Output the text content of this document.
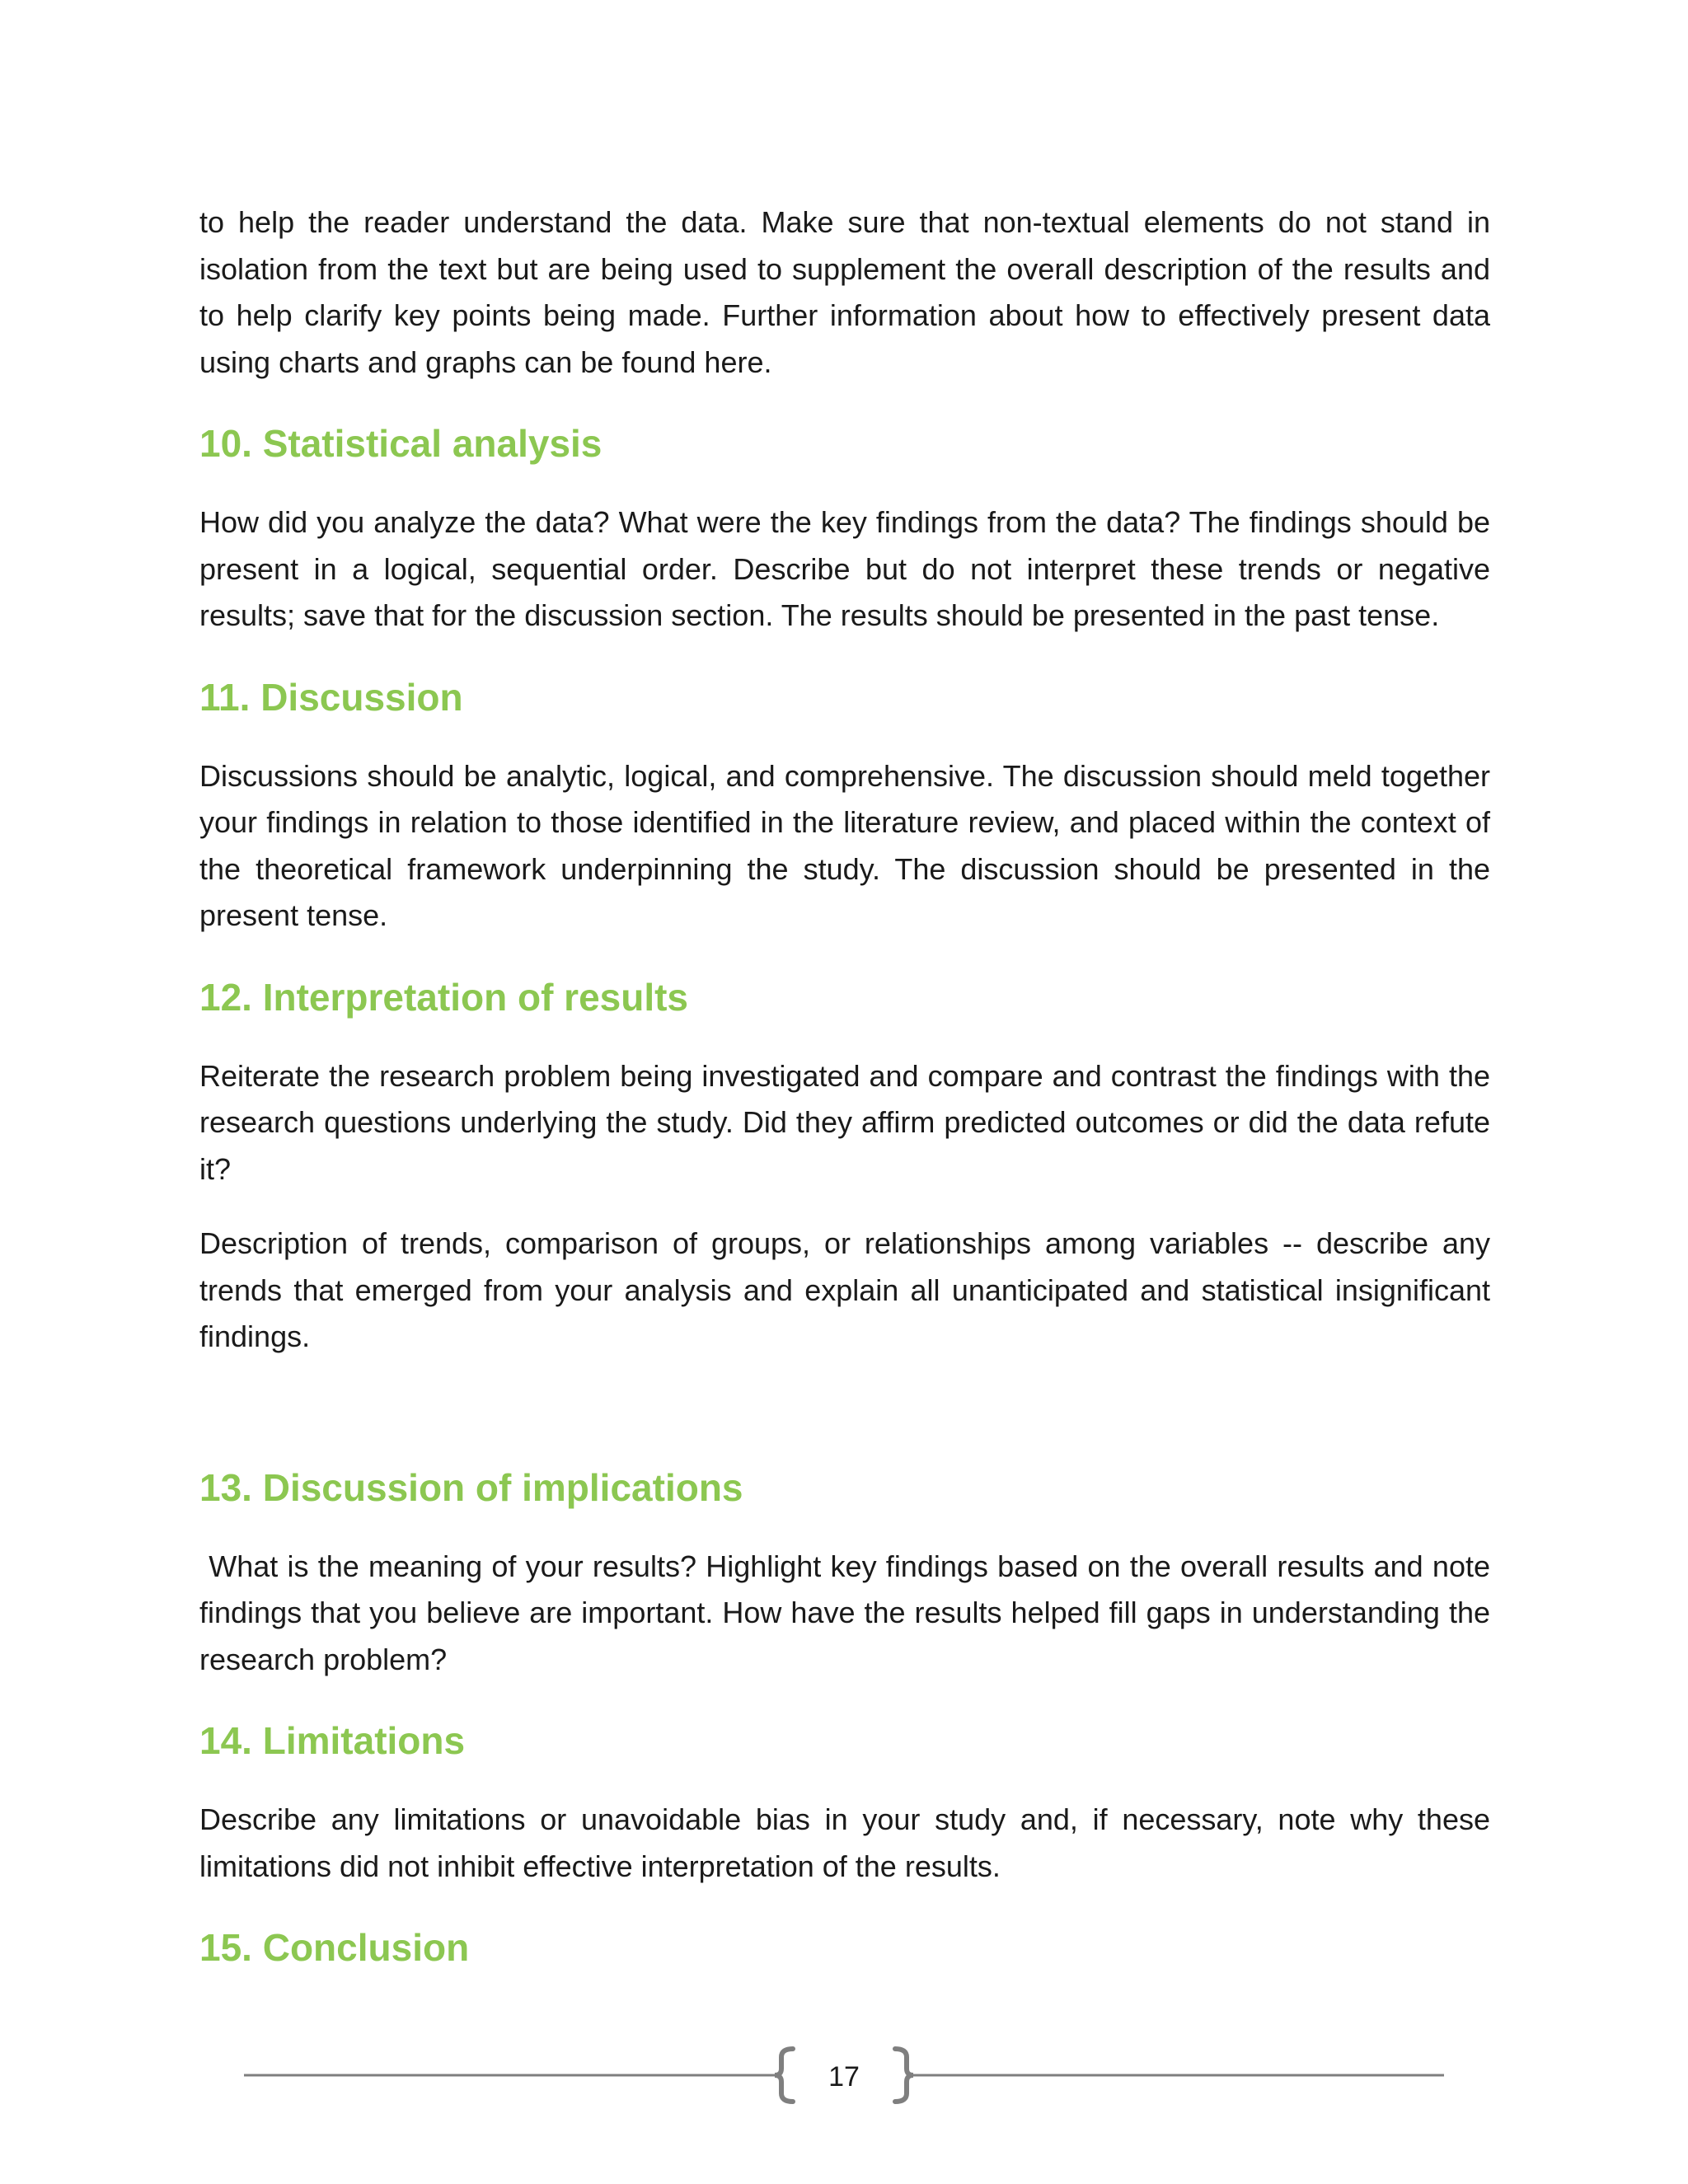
to help the reader understand the data. Make sure that non-textual elements do not stand in isolation from the text but are being used to supplement the overall description of the results and to help clarify key points being made. Further information about how to effectively present data using charts and graphs can be found here.

10. Statistical analysis

How did you analyze the data? What were the key findings from the data? The findings should be present in a logical, sequential order. Describe but do not interpret these trends or negative results; save that for the discussion section. The results should be presented in the past tense.

11. Discussion

Discussions should be analytic, logical, and comprehensive. The discussion should meld together your findings in relation to those identified in the literature review, and placed within the context of the theoretical framework underpinning the study. The discussion should be presented in the present tense.

12. Interpretation of results

Reiterate the research problem being investigated and compare and contrast the findings with the research questions underlying the study. Did they affirm predicted outcomes or did the data refute it?

Description of trends, comparison of groups, or relationships among variables -- describe any trends that emerged from your analysis and explain all unanticipated and statistical insignificant findings.

13. Discussion of implications

What is the meaning of your results? Highlight key findings based on the overall results and note findings that you believe are important. How have the results helped fill gaps in understanding the research problem?

14. Limitations

Describe any limitations or unavoidable bias in your study and, if necessary, note why these limitations did not inhibit effective interpretation of the results.

15. Conclusion
17
